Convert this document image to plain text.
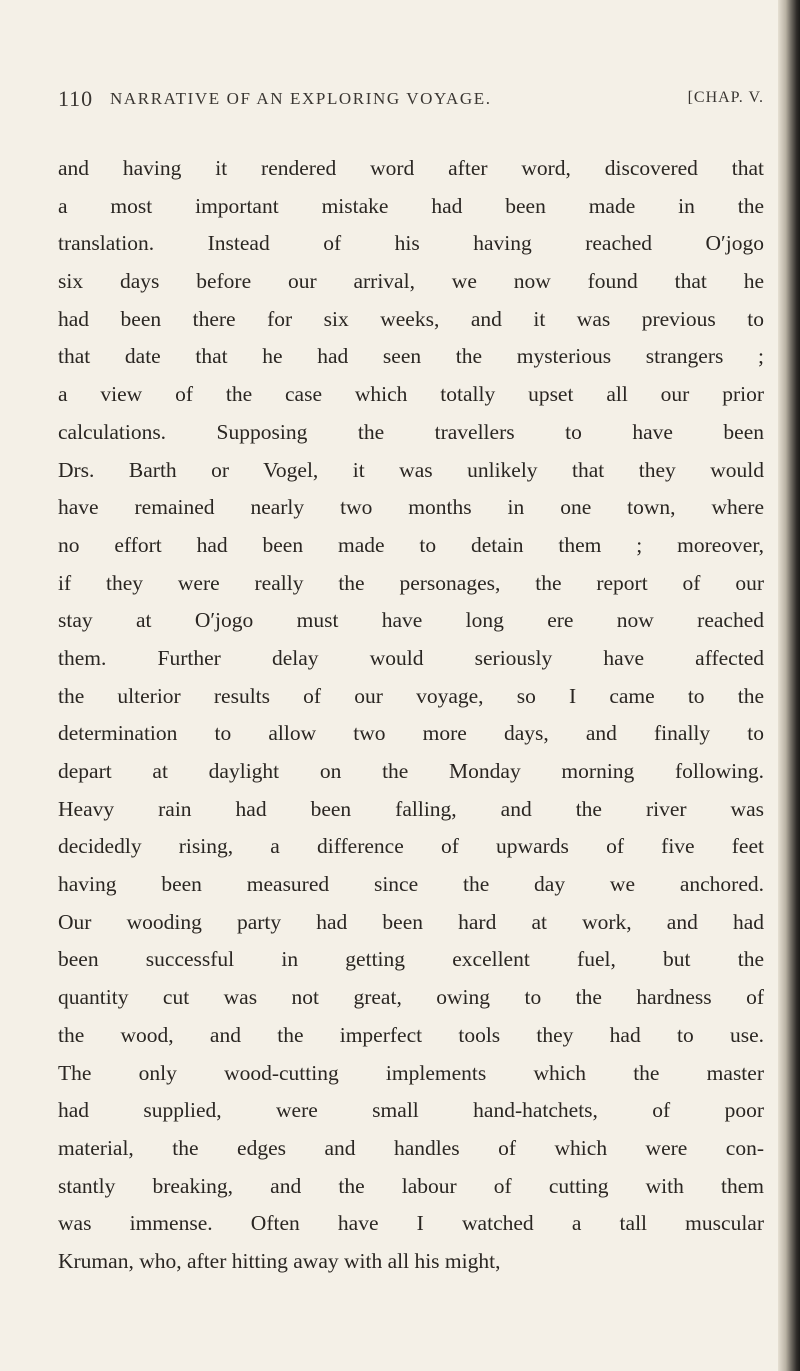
110 NARRATIVE OF AN EXPLORING VOYAGE.	[CHAP. V.
and having it rendered word after word, discovered that
a most important mistake had been made in the
translation. Instead of his having reached O′jogo
six days before our arrival, we now found that he
had been there for six weeks, and it was previous to
that date that he had seen the mysterious strangers ;
a view of the case which totally upset all our prior
calculations. Supposing the travellers to have been
Drs. Barth or Vogel, it was unlikely that they would
have remained nearly two months in one town, where
no effort had been made to detain them ; moreover,
if they were really the personages, the report of our
stay at O′jogo must have long ere now reached
them. Further delay would seriously have affected
the ulterior results of our voyage, so I came to the
determination to allow two more days, and finally to
depart at daylight on the Monday morning following.
Heavy rain had been falling, and the river was
decidedly rising, a difference of upwards of five feet
having been measured since the day we anchored.
Our wooding party had been hard at work, and had
been successful in getting excellent fuel, but the
quantity cut was not great, owing to the hardness of
the wood, and the imperfect tools they had to use.
The only wood-cutting implements which the master
had supplied, were small hand-hatchets, of poor
material, the edges and handles of which were con-
stantly breaking, and the labour of cutting with them
was immense. Often have I watched a tall muscular
Kruman, who, after hitting away with all his might,
